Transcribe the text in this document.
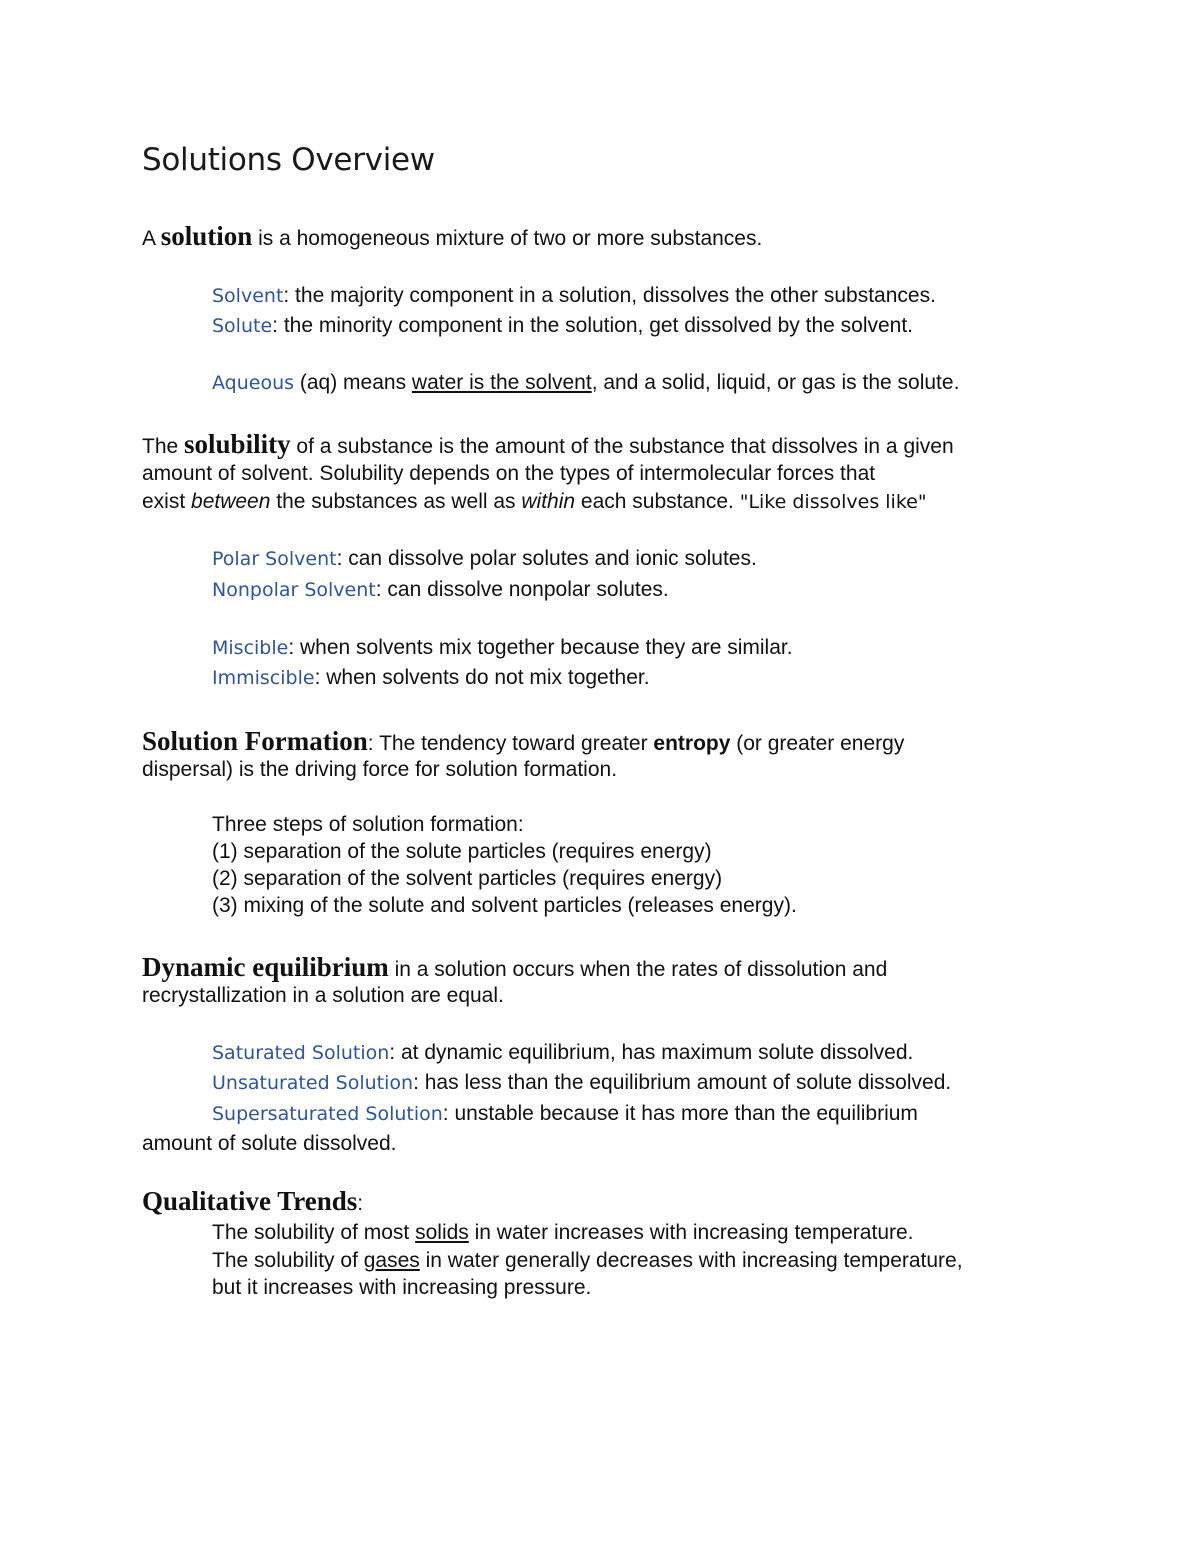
Solutions Overview

A solution is a homogeneous mixture of two or more substances.

Solvent: the majority component in a solution, dissolves the other substances.

Solute: the minority component in the solution, get dissolved by the solvent.

Aqueous (aq) means water is the solvent, and a solid, liquid, or gas is the solute.

The solubility of a substance is the amount of the substance that dissolves in a given

amount of solvent. Solubility depends on the types of intermolecular forces that

exist between the substances as well as within each substance. "Like dissolves like"

Polar Solvent: can dissolve polar solutes and ionic solutes.

Nonpolar Solvent: can dissolve nonpolar solutes.

Miscible: when solvents mix together because they are similar.

Immiscible: when solvents do not mix together.

Solution Formation: The tendency toward greater entropy (or greater energy

dispersal) is the driving force for solution formation.

Three steps of solution formation:

(1) separation of the solute particles (requires energy)

(2) separation of the solvent particles (requires energy)

(3) mixing of the solute and solvent particles (releases energy).

Dynamic equilibrium in a solution occurs when the rates of dissolution and

recrystallization in a solution are equal.

Saturated Solution: at dynamic equilibrium, has maximum solute dissolved.

Unsaturated Solution: has less than the equilibrium amount of solute dissolved.

Supersaturated Solution: unstable because it has more than the equilibrium

amount of solute dissolved.

Qualitative Trends:

The solubility of most solids in water increases with increasing temperature.

The solubility of gases in water generally decreases with increasing temperature,

but it increases with increasing pressure.
